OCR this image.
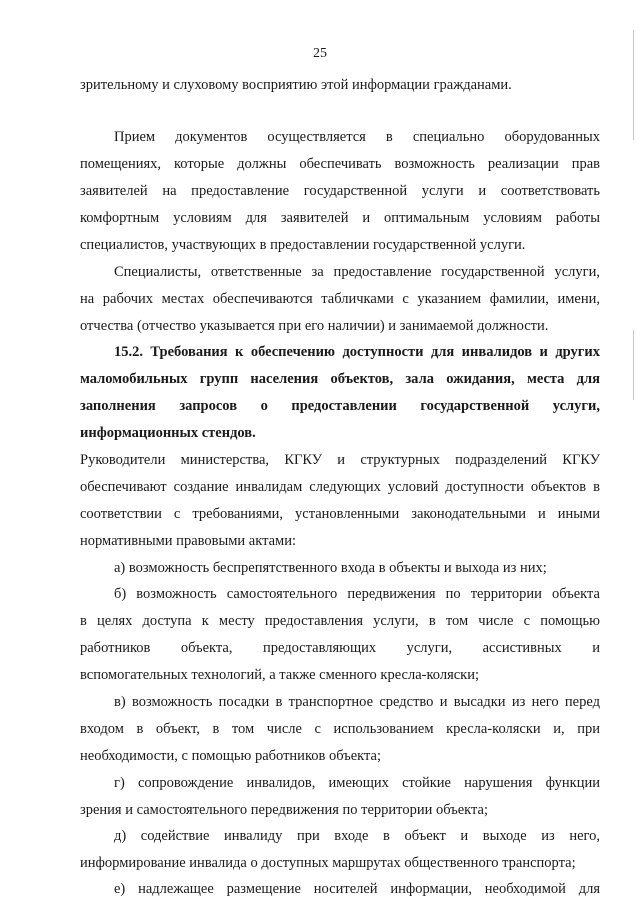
25
зрительному и слуховому восприятию этой информации гражданами.
Прием документов осуществляется в специально оборудованных
помещениях, которые должны обеспечивать возможность реализации прав
заявителей на предоставление государственной услуги и соответствовать
комфортным условиям для заявителей и оптимальным условиям работы
специалистов, участвующих в предоставлении государственной услуги.
Специалисты, ответственные за предоставление государственной услуги,
на рабочих местах обеспечиваются табличками с указанием фамилии, имени,
отчества (отчество указывается при его наличии) и занимаемой должности.
15.2. Требования к обеспечению доступности для инвалидов и других
маломобильных групп населения объектов, зала ожидания, места для
заполнения запросов о предоставлении государственной услуги,
информационных стендов.
Руководители министерства, КГКУ и структурных подразделений КГКУ
обеспечивают создание инвалидам следующих условий доступности объектов в
соответствии с требованиями, установленными законодательными и иными
нормативными правовыми актами:
а) возможность беспрепятственного входа в объекты и выхода из них;
б) возможность самостоятельного передвижения по территории объекта
в целях доступа к месту предоставления услуги, в том числе с помощью
работников объекта, предоставляющих услуги, ассистивных и
вспомогательных технологий, а также сменного кресла-коляски;
в) возможность посадки в транспортное средство и высадки из него перед
входом в объект, в том числе с использованием кресла-коляски и, при
необходимости, с помощью работников объекта;
г) сопровождение инвалидов, имеющих стойкие нарушения функции
зрения и самостоятельного передвижения по территории объекта;
д) содействие инвалиду при входе в объект и выходе из него,
информирование инвалида о доступных маршрутах общественного транспорта;
е) надлежащее размещение носителей информации, необходимой для
